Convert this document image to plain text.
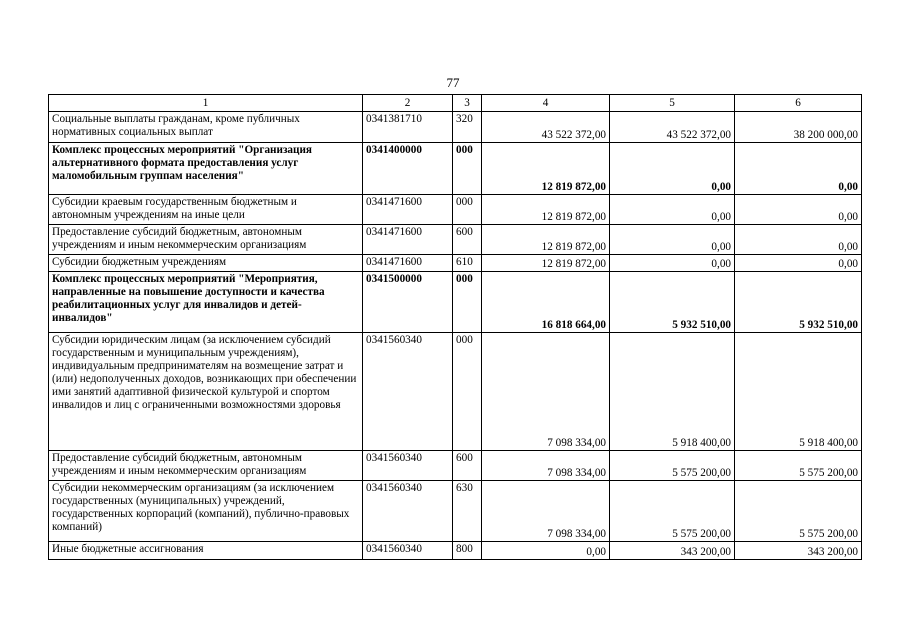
77
1	2	3	4	5	6
Социальные выплаты гражданам, кроме публичных нормативных социальных выплат	0341381710	320	43 522 372,00	43 522 372,00	38 200 000,00
Комплекс процессных мероприятий "Организация альтернативного формата предоставления услуг маломобильным группам населения"	0341400000	000	12 819 872,00	0,00	0,00
Субсидии краевым государственным бюджетным и автономным учреждениям на иные цели	0341471600	000	12 819 872,00	0,00	0,00
Предоставление субсидий бюджетным, автономным учреждениям и иным некоммерческим организациям	0341471600	600	12 819 872,00	0,00	0,00
Субсидии бюджетным учреждениям	0341471600	610	12 819 872,00	0,00	0,00
Комплекс процессных мероприятий "Мероприятия, направленные на повышение доступности и качества реабилитационных услуг для инвалидов и детей-инвалидов"	0341500000	000	16 818 664,00	5 932 510,00	5 932 510,00
Субсидии юридическим лицам (за исключением субсидий государственным и муниципальным учреждениям), индивидуальным предпринимателям на возмещение затрат и (или) недополученных доходов, возникающих при обеспечении ими занятий адаптивной физической культурой и спортом инвалидов и лиц с ограниченными возможностями здоровья	0341560340	000	7 098 334,00	5 918 400,00	5 918 400,00
Предоставление субсидий бюджетным, автономным учреждениям и иным некоммерческим организациям	0341560340	600	7 098 334,00	5 575 200,00	5 575 200,00
Субсидии некоммерческим организациям (за исключением государственных (муниципальных) учреждений, государственных корпораций (компаний), публично-правовых компаний)	0341560340	630	7 098 334,00	5 575 200,00	5 575 200,00
Иные бюджетные ассигнования	0341560340	800	0,00	343 200,00	343 200,00
